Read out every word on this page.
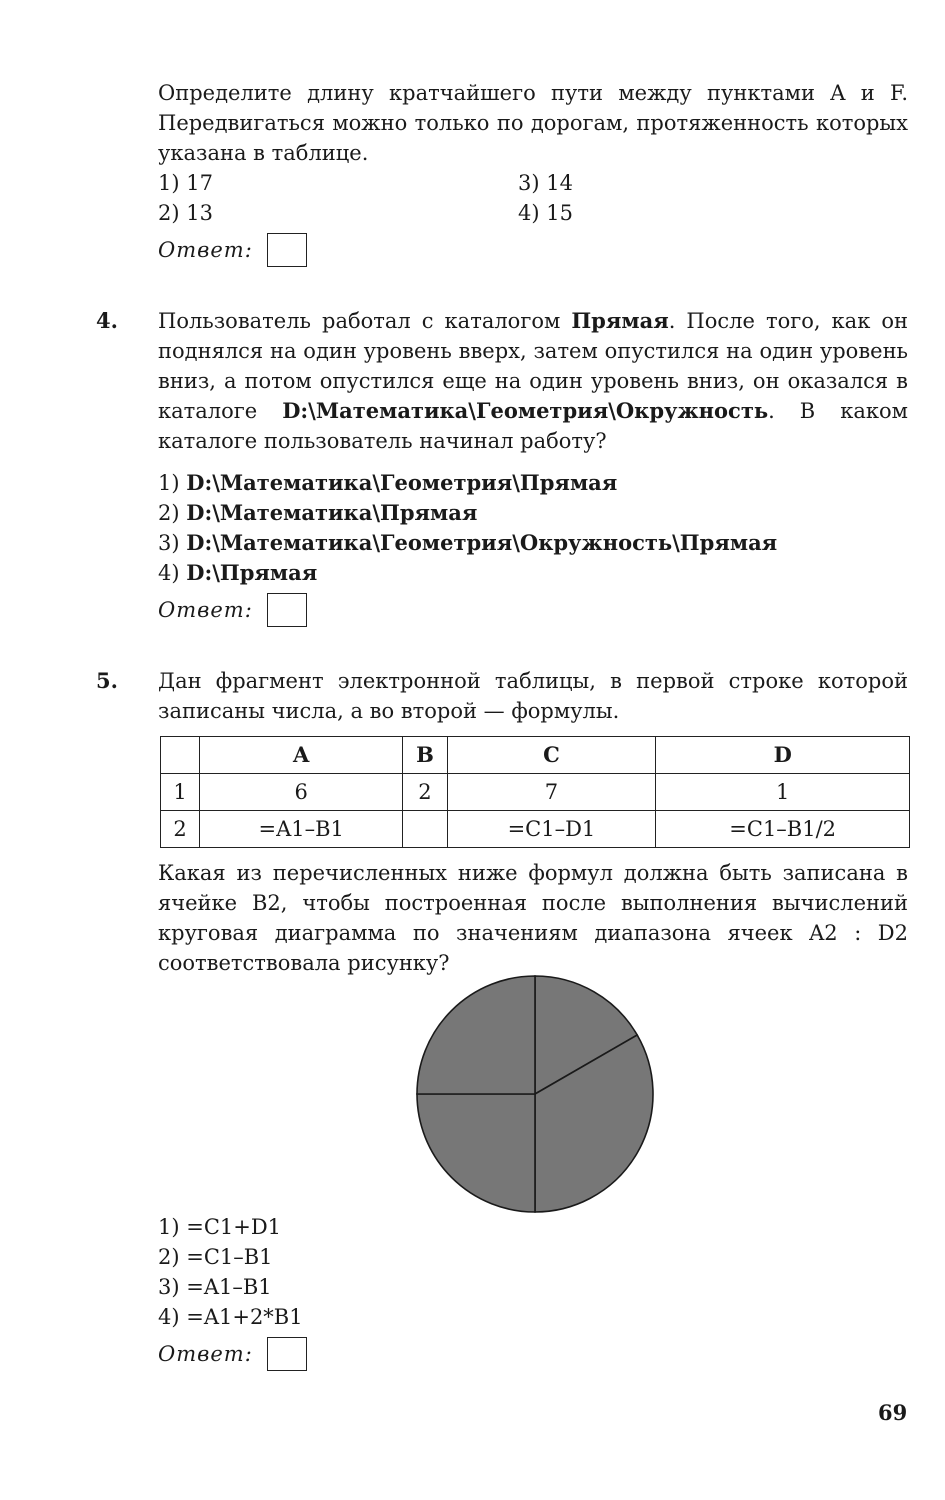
Определите длину кратчайшего пути между пунктами A и F. Передвигаться можно только по дорогам, протяженность которых указана в таблице.
1) 17
2) 13
3) 14
4) 15
Ответ:
4. Пользователь работал с каталогом Прямая. После того, как он поднялся на один уровень вверх, затем опустился на один уровень вниз, а потом опустился еще на один уровень вниз, он оказался в каталоге D:\Математика\Геометрия\Окружность. В каком каталоге пользователь начинал работу?
1) D:\Математика\Геометрия\Прямая
2) D:\Математика\Прямая
3) D:\Математика\Геометрия\Окружность\Прямая
4) D:\Прямая
Ответ:
5. Дан фрагмент электронной таблицы, в первой строке которой записаны числа, а во второй — формулы.
	A	B	C	D
1	6	2	7	1
2	=A1–B1		=C1–D1	=C1–B1/2
Какая из перечисленных ниже формул должна быть записана в ячейке B2, чтобы построенная после выполнения вычислений круговая диаграмма по значениям диапазона ячеек A2 : D2 соответствовала рисунку?
1) =C1+D1
2) =C1–B1
3) =A1–B1
4) =A1+2*B1
Ответ:
69
